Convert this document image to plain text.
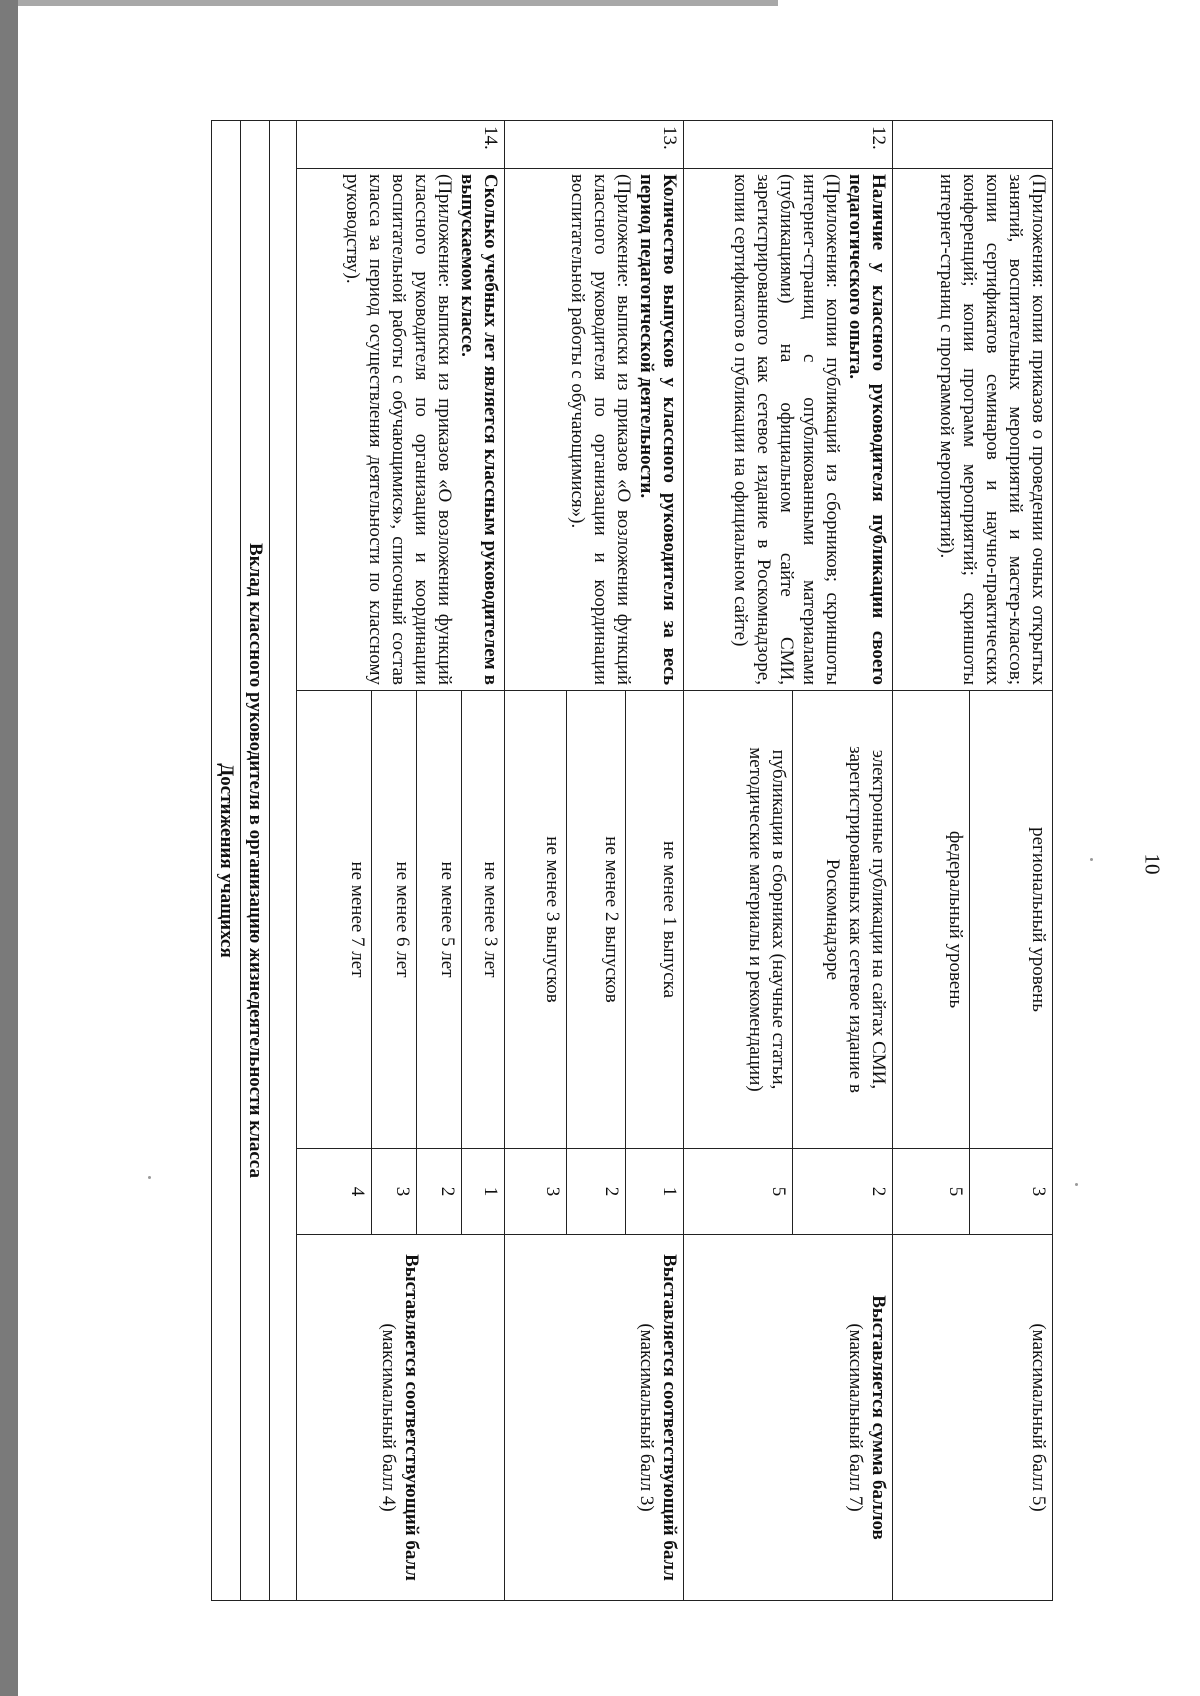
10

	(Приложения: копии приказов о проведении очных открытых занятий, воспитательных мероприятий и мастер-классов; копии сертификатов семинаров и научно-практических конференций; копии программ мероприятий; скриншоты интернет-страниц с программой мероприятий).	региональный уровень	3	(максимальный балл 5)

		федеральный уровень	5	
12.	Наличие у классного руководителя публикации своего педагогического опыта.
(Приложения: копии публикаций из сборников; скриншоты интернет-страниц с опубликованными материалами (публикациями) на официальном сайте СМИ, зарегистрированного как сетевое издание в Роскомнадзоре, копии сертификатов о публикации на официальном сайте)	электронные публикации на сайтах СМИ, зарегистрированных как сетевое издание в Роскомнадзоре	2	Выставляется сумма баллов
(максимальный балл 7)

		публикации в сборниках (научные статьи, методические материалы и рекомендации)	5	
13.	Количество выпусков у классного руководителя за весь период педагогической деятельности.
(Приложение: выписки из приказов «О возложении функций классного руководителя по организации и координации воспитательной работы с обучающимися»).	не менее 1 выпуска	1	Выставляется соответствующий балл
(максимальный балл 3)

		не менее 2 выпусков	2	
		не менее 3 выпусков	3	
14.	Сколько учебных лет является классным руководителем в выпускаемом классе.
(Приложение: выписки из приказов «О возложении функций классного руководителя по организации и координации воспитательной работы с обучающимися», списочный состав класса за период осуществления деятельности по классному руководству).	не менее 3 лет	1	Выставляется соответствующий балл
(максимальный балл 4)

		не менее 5 лет	2	
		не менее 6 лет	3	
		не менее 7 лет	4	

Вклад классного руководителя в организацию жизнедеятельности класса				
Достижения учащихся				
